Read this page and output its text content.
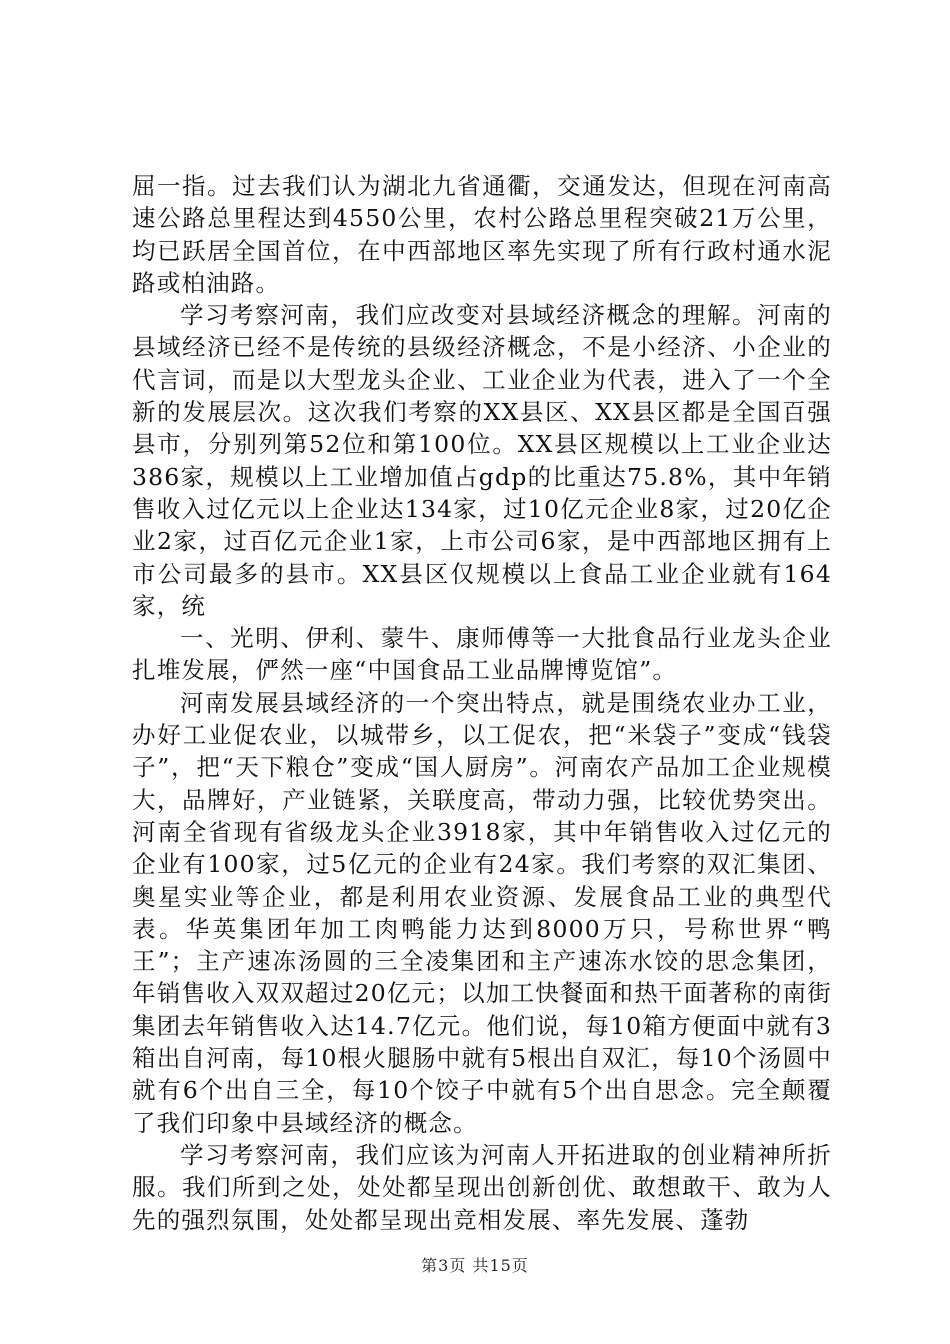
屈一指。过去我们认为湖北九省通衢，交通发达，但现在河南高速公路总里程达到4550公里，农村公路总里程突破21万公里，均已跃居全国首位，在中西部地区率先实现了所有行政村通水泥路或柏油路。

学习考察河南，我们应改变对县域经济概念的理解。河南的县域经济已经不是传统的县级经济概念，不是小经济、小企业的代言词，而是以大型龙头企业、工业企业为代表，进入了一个全新的发展层次。这次我们考察的XX县区、XX县区都是全国百强县市，分别列第52位和第100位。XX县区规模以上工业企业达386家，规模以上工业增加值占gdp的比重达75.8%，其中年销售收入过亿元以上企业达134家，过10亿元企业8家，过20亿企业2家，过百亿元企业1家，上市公司6家，是中西部地区拥有上市公司最多的县市。XX县区仅规模以上食品工业企业就有164家，统

一、光明、伊利、蒙牛、康师傅等一大批食品行业龙头企业扎堆发展，俨然一座“中国食品工业品牌博览馆”。

河南发展县域经济的一个突出特点，就是围绕农业办工业，办好工业促农业，以城带乡，以工促农，把“米袋子”变成“钱袋子”，把“天下粮仓”变成“国人厨房”。河南农产品加工企业规模大，品牌好，产业链紧，关联度高，带动力强，比较优势突出。河南全省现有省级龙头企业3918家，其中年销售收入过亿元的企业有100家，过5亿元的企业有24家。我们考察的双汇集团、奥星实业等企业，都是利用农业资源、发展食品工业的典型代表。华英集团年加工肉鸭能力达到8000万只，号称世界“鸭王”；主产速冻汤圆的三全凌集团和主产速冻水饺的思念集团，年销售收入双双超过20亿元；以加工快餐面和热干面著称的南街集团去年销售收入达14.7亿元。他们说，每10箱方便面中就有3箱出自河南，每10根火腿肠中就有5根出自双汇，每10个汤圆中就有6个出自三全，每10个饺子中就有5个出自思念。完全颠覆了我们印象中县域经济的概念。

学习考察河南，我们应该为河南人开拓进取的创业精神所折服。我们所到之处，处处都呈现出创新创优、敢想敢干、敢为人先的强烈氛围，处处都呈现出竞相发展、率先发展、蓬勃

第3页 共15页
